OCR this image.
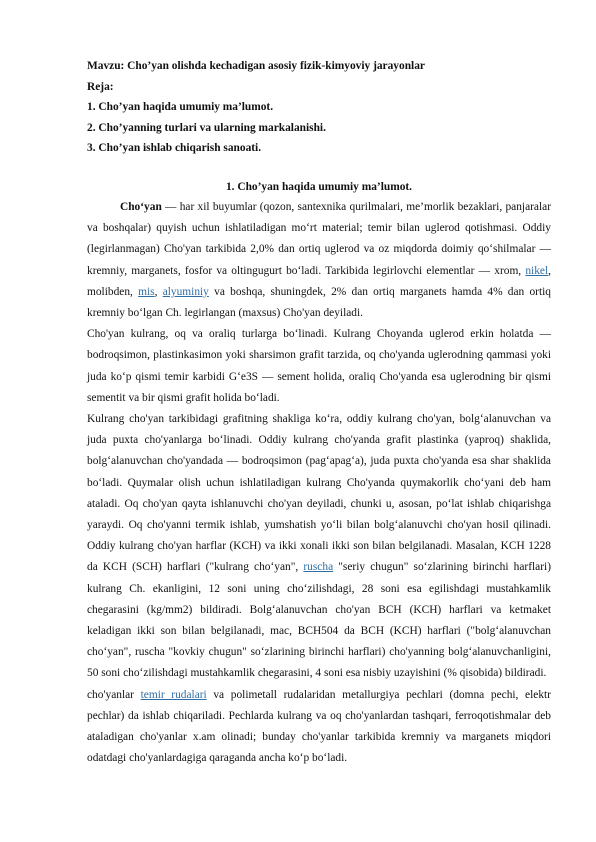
Mavzu: Cho’yan olishda kechadigan asosiy fizik-kimyoviy jarayonlar
Reja:
1. Cho’yan haqida umumiy ma’lumot.
2. Cho’yanning turlari va ularning markalanishi.
3. Cho’yan ishlab chiqarish sanoati.
1. Cho’yan haqida umumiy ma’lumot.

Cho‘yan — har xil buyumlar (qozon, santexnika qurilmalari, me’morlik bezaklari, panjaralar va boshqalar) quyish uchun ishlatiladigan mo‘rt material; temir bilan uglerod qotishmasi. Oddiy (legirlanmagan) Cho'yan tarkibida 2,0% dan ortiq uglerod va oz miqdorda doimiy qo‘shilmalar — kremniy, marganets, fosfor va oltingugurt bo‘ladi. Tarkibida legirlovchi elementlar — xrom, nikel, molibden, mis, alyuminiy va boshqa, shuningdek, 2% dan ortiq marganets hamda 4% dan ortiq kremniy bo‘lgan Ch. legirlangan (maxsus) Cho'yan deyiladi.

Cho'yan kulrang, oq va oraliq turlarga bo‘linadi. Kulrang Choyanda uglerod erkin holatda — bodroqsimon, plastinkasimon yoki sharsimon grafit tarzida, oq cho'yanda uglerodning qammasi yoki juda ko‘p qismi temir karbidi G‘e3S — sement holida, oraliq Cho'yanda esa uglerodning bir qismi sementit va bir qismi grafit holida bo‘ladi.

Kulrang cho'yan tarkibidagi grafitning shakliga ko‘ra, oddiy kulrang cho'yan, bolg‘alanuvchan va juda puxta cho'yanlarga bo‘linadi. Oddiy kulrang cho'yanda grafit plastinka (yaproq) shaklida, bolg‘alanuvchan cho'yandada — bodroqsimon (pag‘apag‘a), juda puxta cho'yanda esa shar shaklida bo‘ladi. Quymalar olish uchun ishlatiladigan kulrang Cho'yanda quymakorlik cho‘yani deb ham ataladi. Oq cho'yan qayta ishlanuvchi cho'yan deyiladi, chunki u, asosan, po‘lat ishlab chiqarishga yaraydi. Oq cho'yanni termik ishlab, yumshatish yo‘li bilan bolg‘alanuvchi cho'yan hosil qilinadi. Oddiy kulrang cho'yan harflar (KCH) va ikki xonali ikki son bilan belgilanadi. Masalan, KCH 1228 da KCH (SCH) harflari ("kulrang cho‘yan", ruscha "seriy chugun" so‘zlarining birinchi harflari) kulrang Ch. ekanligini, 12 soni uning cho‘zilishdagi, 28 soni esa egilishdagi mustahkamlik chegarasini (kg/mm2) bildiradi. Bolg‘alanuvchan cho'yan BCH (KCH) harflari va ketmaket keladigan ikki son bilan belgilanadi, mac, BCH504 da BCH (KCH) harflari ("bolg‘alanuvchan cho‘yan", ruscha "kovkiy chugun" so‘zlarining birinchi harflari) cho'yanning bolg‘alanuvchanligini, 50 soni cho‘zilishdagi mustahkamlik chegarasini, 4 soni esa nisbiy uzayishini (% qisobida) bildiradi.

cho'yanlar temir rudalari va polimetall rudalaridan metallurgiya pechlari (domna pechi, elektr pechlar) da ishlab chiqariladi. Pechlarda kulrang va oq cho'yanlardan tashqari, ferroqotishmalar deb ataladigan cho'yanlar x.am olinadi; bunday cho'yanlar tarkibida kremniy va marganets miqdori odatdagi cho'yanlardagiga qaraganda ancha ko‘p bo‘ladi.
